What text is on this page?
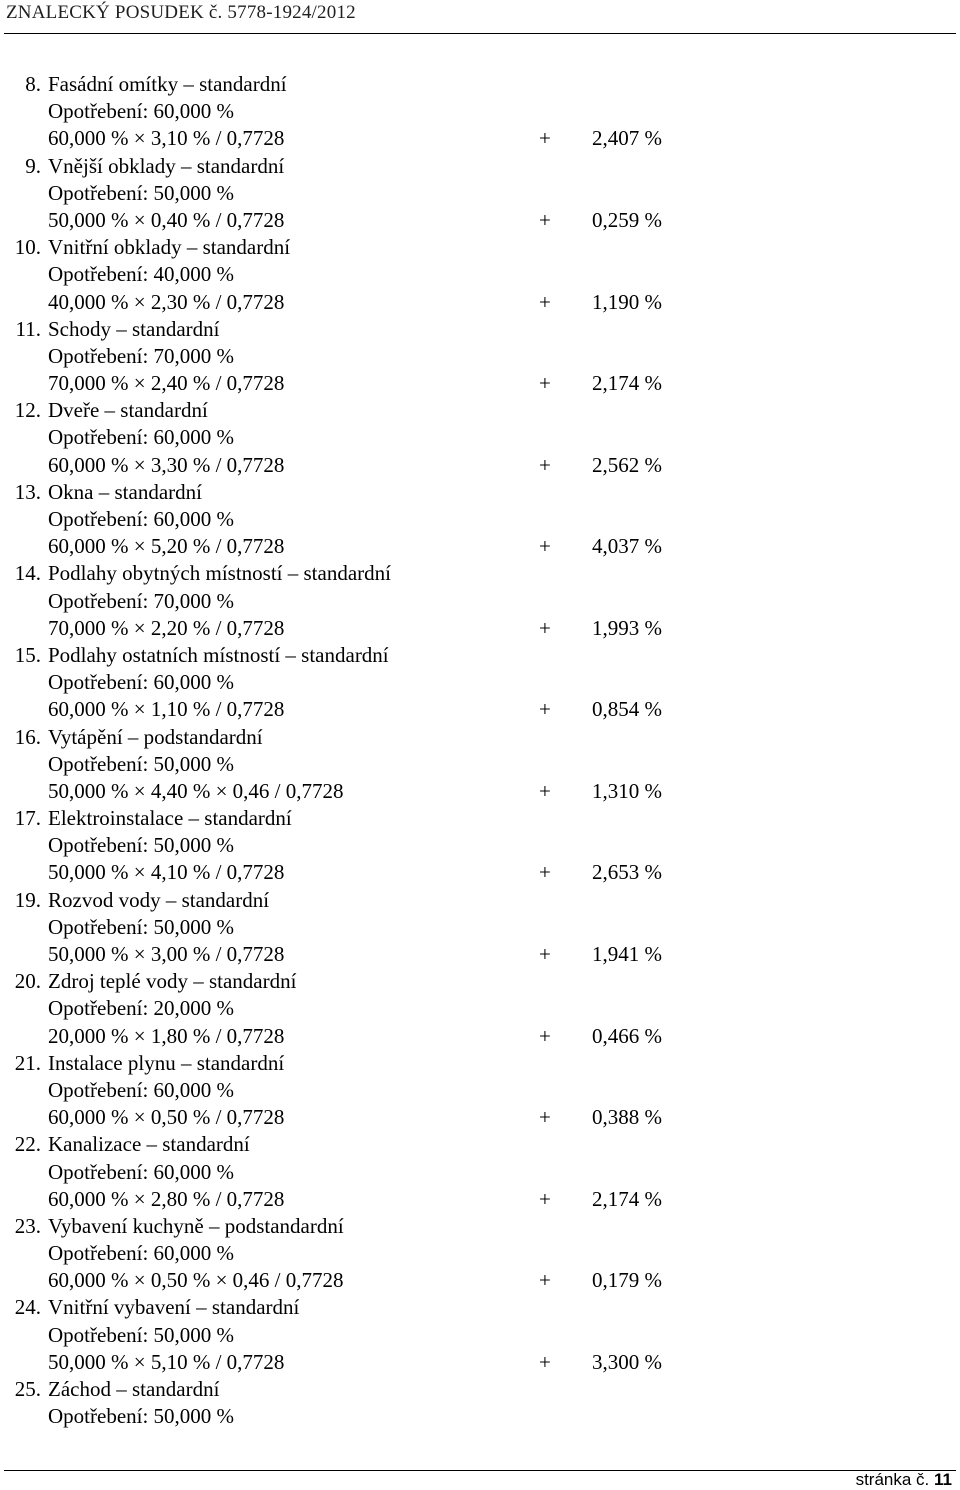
ZNALECKÝ POSUDEK č. 5778-1924/2012
8. Fasádní omítky – standardní
Opotřebení: 60,000 %
60,000 % × 3,10 % / 0,7728	+	2,407 %
9. Vnější obklady – standardní
Opotřebení: 50,000 %
50,000 % × 0,40 % / 0,7728	+	0,259 %
10. Vnitřní obklady – standardní
Opotřebení: 40,000 %
40,000 % × 2,30 % / 0,7728	+	1,190 %
11. Schody – standardní
Opotřebení: 70,000 %
70,000 % × 2,40 % / 0,7728	+	2,174 %
12. Dveře – standardní
Opotřebení: 60,000 %
60,000 % × 3,30 % / 0,7728	+	2,562 %
13. Okna – standardní
Opotřebení: 60,000 %
60,000 % × 5,20 % / 0,7728	+	4,037 %
14. Podlahy obytných místností – standardní
Opotřebení: 70,000 %
70,000 % × 2,20 % / 0,7728	+	1,993 %
15. Podlahy ostatních místností – standardní
Opotřebení: 60,000 %
60,000 % × 1,10 % / 0,7728	+	0,854 %
16. Vytápění – podstandardní
Opotřebení: 50,000 %
50,000 % × 4,40 % × 0,46 / 0,7728	+	1,310 %
17. Elektroinstalace – standardní
Opotřebení: 50,000 %
50,000 % × 4,10 % / 0,7728	+	2,653 %
19. Rozvod vody – standardní
Opotřebení: 50,000 %
50,000 % × 3,00 % / 0,7728	+	1,941 %
20. Zdroj teplé vody – standardní
Opotřebení: 20,000 %
20,000 % × 1,80 % / 0,7728	+	0,466 %
21. Instalace plynu – standardní
Opotřebení: 60,000 %
60,000 % × 0,50 % / 0,7728	+	0,388 %
22. Kanalizace – standardní
Opotřebení: 60,000 %
60,000 % × 2,80 % / 0,7728	+	2,174 %
23. Vybavení kuchyně – podstandardní
Opotřebení: 60,000 %
60,000 % × 0,50 % × 0,46 / 0,7728	+	0,179 %
24. Vnitřní vybavení – standardní
Opotřebení: 50,000 %
50,000 % × 5,10 % / 0,7728	+	3,300 %
25. Záchod – standardní
Opotřebení: 50,000 %
stránka č. 11
